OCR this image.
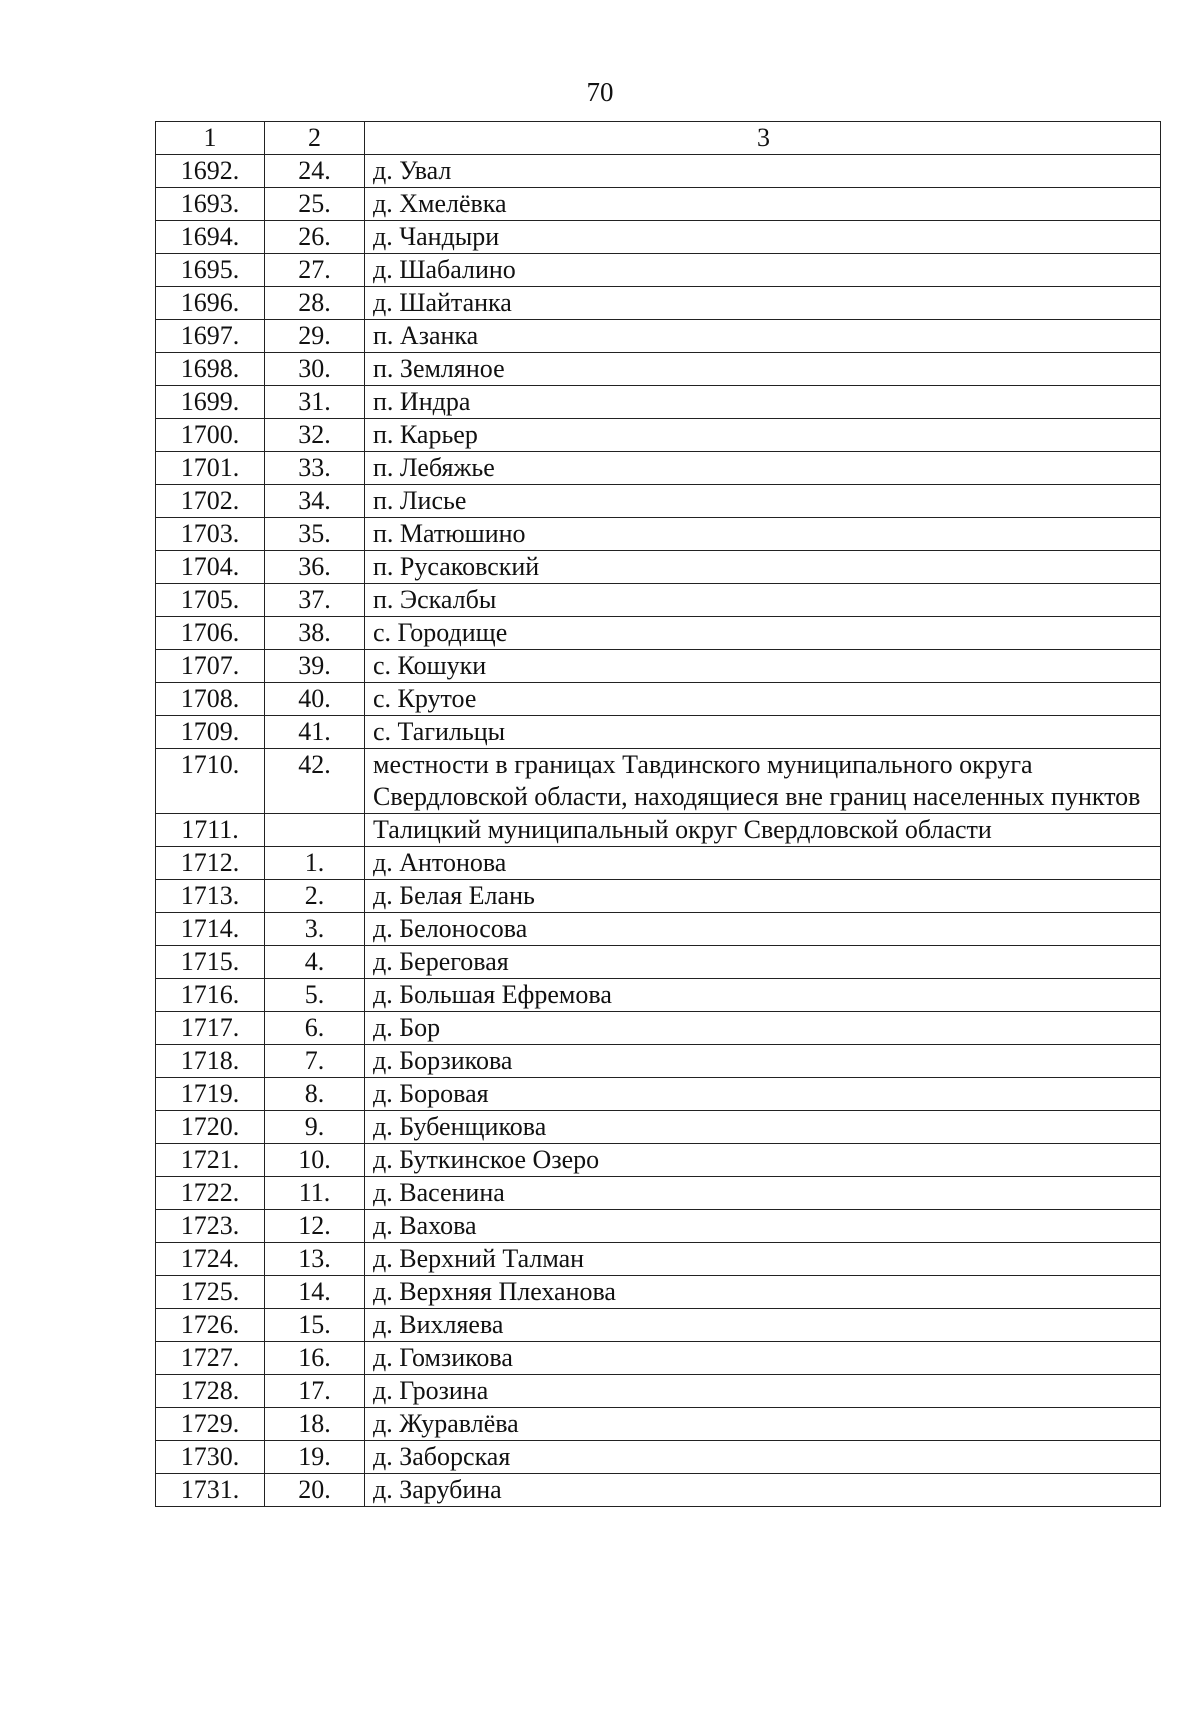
70
1	2	3
1692.	24.	д. Увал
1693.	25.	д. Хмелёвка
1694.	26.	д. Чандыри
1695.	27.	д. Шабалино
1696.	28.	д. Шайтанка
1697.	29.	п. Азанка
1698.	30.	п. Земляное
1699.	31.	п. Индра
1700.	32.	п. Карьер
1701.	33.	п. Лебяжье
1702.	34.	п. Лисье
1703.	35.	п. Матюшино
1704.	36.	п. Русаковский
1705.	37.	п. Эскалбы
1706.	38.	с. Городище
1707.	39.	с. Кошуки
1708.	40.	с. Крутое
1709.	41.	с. Тагильцы
1710.	42.	местности в границах Тавдинского муниципального округа Свердловской области, находящиеся вне границ населенных пунктов
1711.		Талицкий муниципальный округ Свердловской области
1712.	1.	д. Антонова
1713.	2.	д. Белая Елань
1714.	3.	д. Белоносова
1715.	4.	д. Береговая
1716.	5.	д. Большая Ефремова
1717.	6.	д. Бор
1718.	7.	д. Борзикова
1719.	8.	д. Боровая
1720.	9.	д. Бубенщикова
1721.	10.	д. Буткинское Озеро
1722.	11.	д. Васенина
1723.	12.	д. Вахова
1724.	13.	д. Верхний Талман
1725.	14.	д. Верхняя Плеханова
1726.	15.	д. Вихляева
1727.	16.	д. Гомзикова
1728.	17.	д. Грозина
1729.	18.	д. Журавлёва
1730.	19.	д. Заборская
1731.	20.	д. Зарубина
